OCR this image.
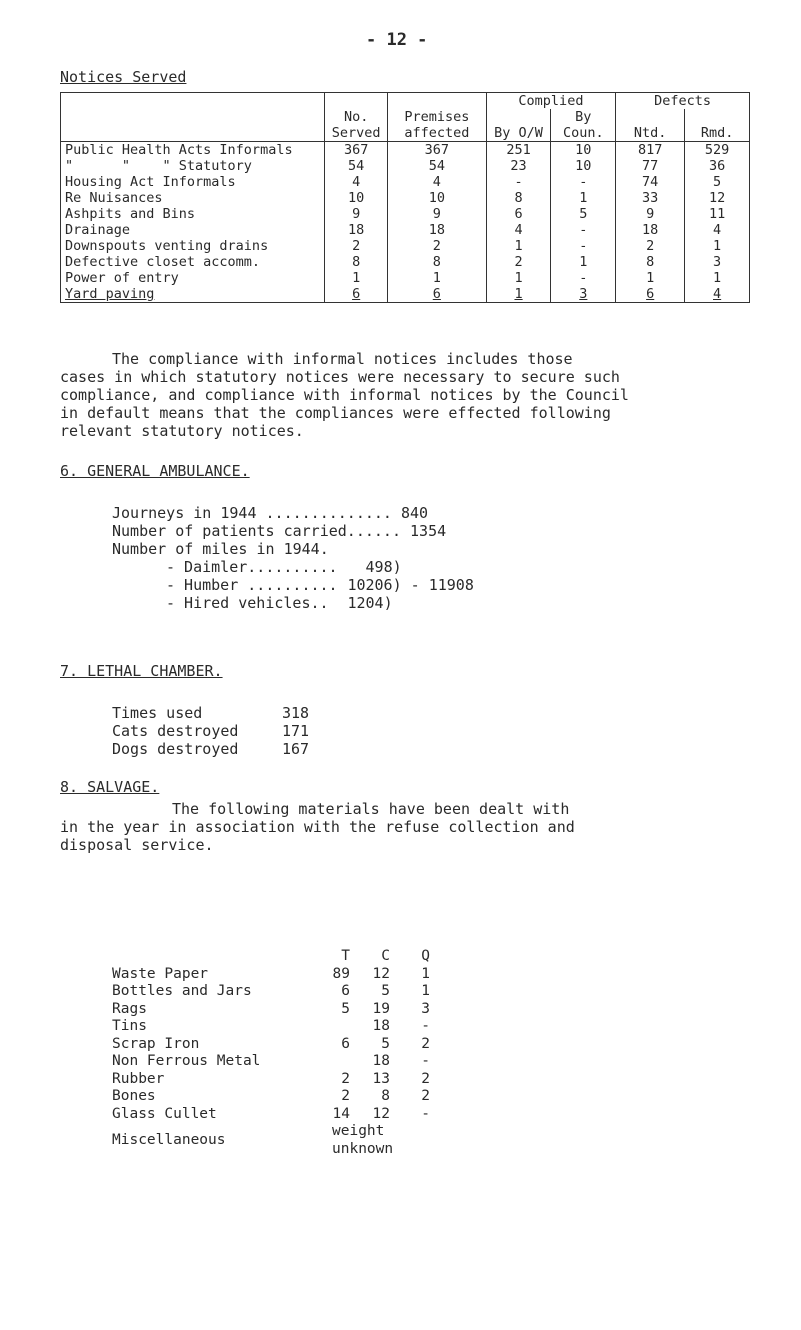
- 12 -
Notices Served
	No. Served	Premises affected	Complied		Defects	
			By O/W	By Coun.	Ntd.	Rmd.
Public Health Acts Informals	367	367	251	10	817	529
"      "    " Statutory	54	54	23	10	77	36
Housing Act Informals	4	4	-	-	74	5
Re Nuisances	10	10	8	1	33	12
Ashpits and Bins	9	9	6	5	9	11
Drainage	18	18	4	-	18	4
Downspouts venting drains	2	2	1	-	2	1
Defective closet accomm.	8	8	2	1	8	3
Power of entry	1	1	1	-	1	1
Yard paving	6	6	1	3	6	4
The compliance with informal notices includes those
cases in which statutory notices were necessary to secure such
compliance, and compliance with informal notices by the Council
in default means that the compliances were effected following
relevant statutory notices.
6. GENERAL AMBULANCE.
Journeys in 1944 .............. 840
Number of patients carried...... 1354
Number of miles in 1944.
- Daimler.......... 498)
- Humber .......... 10206) - 11908
- Hired vehicles.. 1204)
7. LETHAL CHAMBER.
Times used	318
Cats destroyed	171
Dogs destroyed	167
8. SALVAGE.
The following materials have been dealt with
in the year in association with the refuse collection and
disposal service.
	T	C	Q
Waste Paper	89	12	1
Bottles and Jars	6	5	1
Rags	5	19	3
Tins		18	-
Scrap Iron	6	5	2
Non Ferrous Metal		18	-
Rubber	2	13	2
Bones	2	8	2
Glass Cullet	14	12	-
Miscellaneous	weight unknown		
